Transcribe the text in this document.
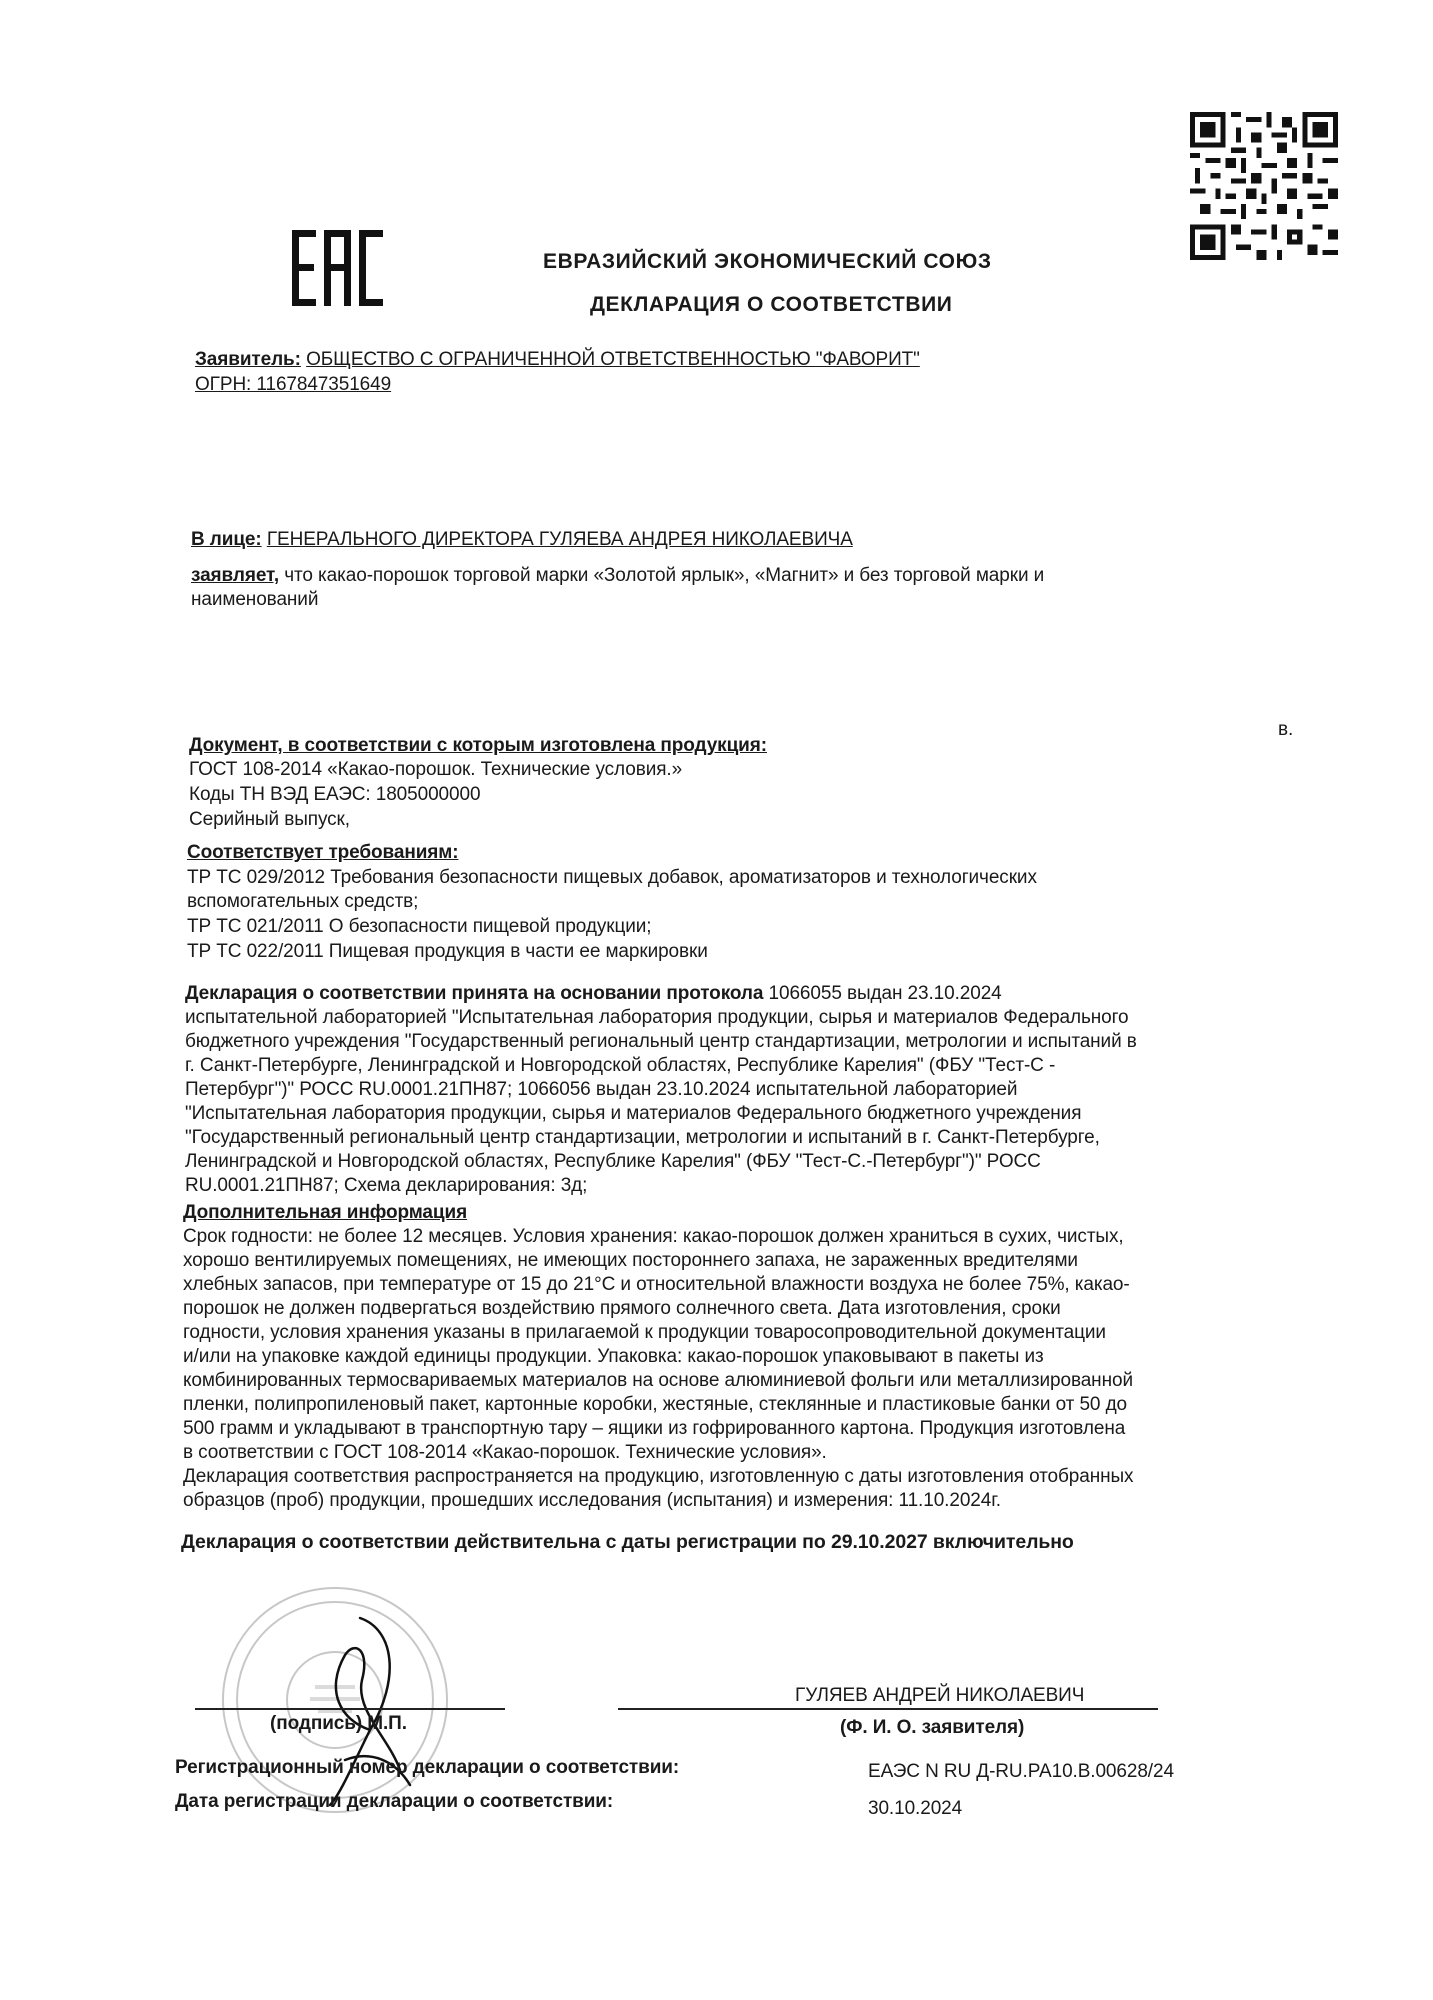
ЕВРАЗИЙСКИЙ ЭКОНОМИЧЕСКИЙ СОЮЗ
ДЕКЛАРАЦИЯ О СООТВЕТСТВИИ
Заявитель: ОБЩЕСТВО С ОГРАНИЧЕННОЙ ОТВЕТСТВЕННОСТЬЮ "ФАВОРИТ"
ОГРН: 1167847351649
В лице: ГЕНЕРАЛЬНОГО ДИРЕКТОРА ГУЛЯЕВА АНДРЕЯ НИКОЛАЕВИЧА
заявляет, что какао-порошок торговой марки «Золотой ярлык», «Магнит» и без торговой марки и
наименований
в.
Документ, в соответствии с которым изготовлена продукция:
ГОСТ 108-2014 «Какао-порошок. Технические условия.»
Коды ТН ВЭД ЕАЭС: 1805000000
Серийный выпуск,
Соответствует требованиям:
ТР ТС 029/2012 Требования безопасности пищевых добавок, ароматизаторов и технологических
вспомогательных средств;
ТР ТС 021/2011 О безопасности пищевой продукции;
ТР ТС 022/2011 Пищевая продукция в части ее маркировки
Декларация о соответствии принята на основании протокола 1066055 выдан 23.10.2024
испытательной лабораторией "Испытательная лаборатория продукции, сырья и материалов Федерального
бюджетного учреждения "Государственный региональный центр стандартизации, метрологии и испытаний в
г. Санкт-Петербурге, Ленинградской и Новгородской областях, Республике Карелия" (ФБУ "Тест-С -
Петербург")" РОСС RU.0001.21ПН87; 1066056 выдан 23.10.2024 испытательной лабораторией
"Испытательная лаборатория продукции, сырья и материалов Федерального бюджетного учреждения
"Государственный региональный центр стандартизации, метрологии и испытаний в г. Санкт-Петербурге,
Ленинградской и Новгородской областях, Республике Карелия" (ФБУ "Тест-С.-Петербург")" РОСС
RU.0001.21ПН87; Схема декларирования: 3д;
Дополнительная информация
Срок годности: не более 12 месяцев. Условия хранения: какао-порошок должен храниться в сухих, чистых,
хорошо вентилируемых помещениях, не имеющих постороннего запаха, не зараженных вредителями
хлебных запасов, при температуре от 15 до 21°С и относительной влажности воздуха не более 75%, какао-
порошок не должен подвергаться воздействию прямого солнечного света. Дата изготовления, сроки
годности, условия хранения указаны в прилагаемой к продукции товаросопроводительной документации
и/или на упаковке каждой единицы продукции. Упаковка: какао-порошок упаковывают в пакеты из
комбинированных термосвариваемых материалов на основе алюминиевой фольги или металлизированной
пленки, полипропиленовый пакет, картонные коробки, жестяные, стеклянные и пластиковые банки от 50 до
500 грамм и укладывают в транспортную тару – ящики из гофрированного картона. Продукция изготовлена
в соответствии с ГОСТ 108-2014 «Какао-порошок. Технические условия».
Декларация соответствия распространяется на продукцию, изготовленную с даты изготовления отобранных
образцов (проб) продукции, прошедших исследования (испытания) и измерения: 11.10.2024г.
Декларация о соответствии действительна с даты регистрации по 29.10.2027 включительно
(подпись) М.П.
ГУЛЯЕВ АНДРЕЙ НИКОЛАЕВИЧ
(Ф. И. О. заявителя)
Регистрационный номер декларации о соответствии:	ЕАЭС N RU Д-RU.РА10.В.00628/24
Дата регистрации декларации о соответствии:	30.10.2024
